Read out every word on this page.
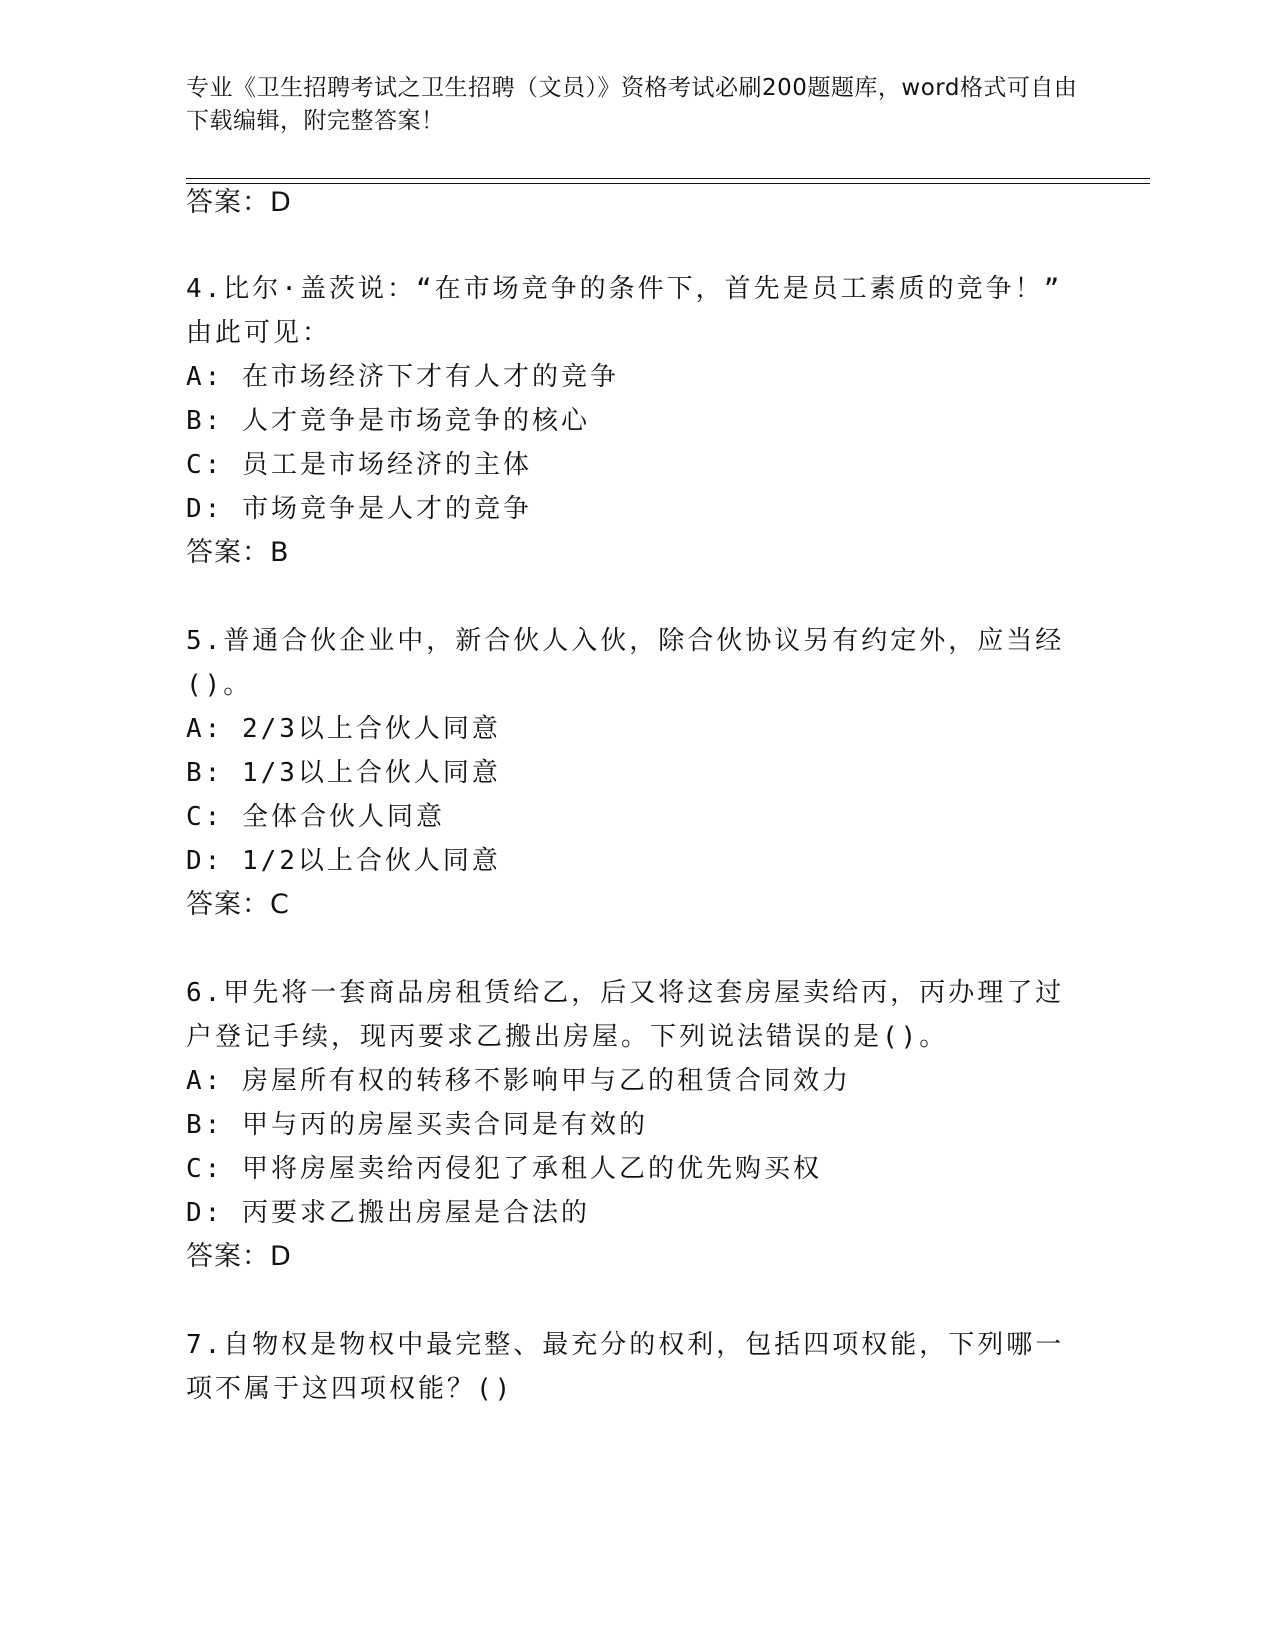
专业《卫生招聘考试之卫生招聘（文员）》资格考试必刷200题题库，word格式可自由下载编辑，附完整答案！
答案：D
4.比尔·盖茨说：“在市场竞争的条件下，首先是员工素质的竞争！”
由此可见：
A: 在市场经济下才有人才的竞争
B: 人才竞争是市场竞争的核心
C: 员工是市场经济的主体
D: 市场竞争是人才的竞争
答案：B
5.普通合伙企业中，新合伙人入伙，除合伙协议另有约定外，应当经
()。
A: 2/3以上合伙人同意
B: 1/3以上合伙人同意
C: 全体合伙人同意
D: 1/2以上合伙人同意
答案：C
6.甲先将一套商品房租赁给乙，后又将这套房屋卖给丙，丙办理了过
户登记手续，现丙要求乙搬出房屋。下列说法错误的是()。
A: 房屋所有权的转移不影响甲与乙的租赁合同效力
B: 甲与丙的房屋买卖合同是有效的
C: 甲将房屋卖给丙侵犯了承租人乙的优先购买权
D: 丙要求乙搬出房屋是合法的
答案：D
7.自物权是物权中最完整、最充分的权利，包括四项权能，下列哪一
项不属于这四项权能？()
